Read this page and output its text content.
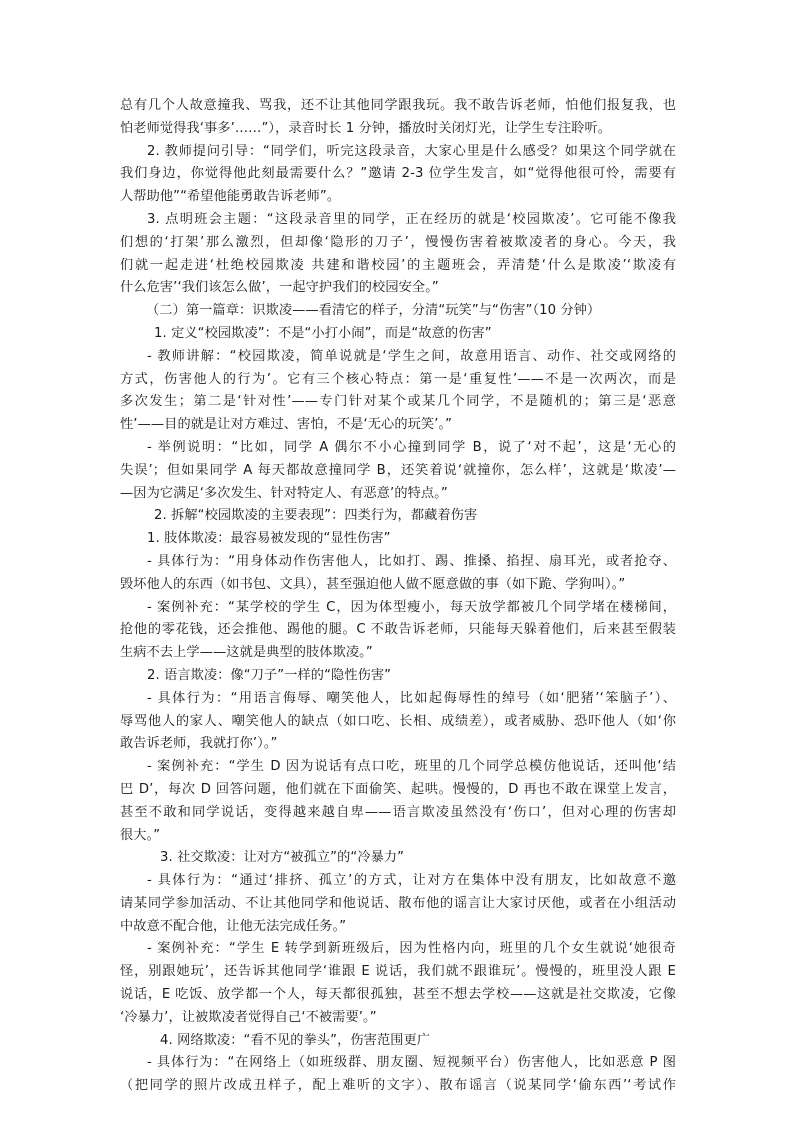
总有几个人故意撞我、骂我，还不让其他同学跟我玩。我不敢告诉老师，怕他们报复我，也
怕老师觉得我‘事多’……”），录音时长 1 分钟，播放时关闭灯光，让学生专注聆听。
2. 教师提问引导：“同学们，听完这段录音，大家心里是什么感受？如果这个同学就在
我们身边，你觉得他此刻最需要什么？”邀请 2-3 位学生发言，如“觉得他很可怜，需要有
人帮助他”“希望他能勇敢告诉老师”。
3. 点明班会主题：“这段录音里的同学，正在经历的就是‘校园欺凌’。它可能不像我
们想的‘打架’那么激烈，但却像‘隐形的刀子’，慢慢伤害着被欺凌者的身心。今天，我
们就一起走进‘杜绝校园欺凌 共建和谐校园’的主题班会，弄清楚‘什么是欺凌’‘欺凌有
什么危害’‘我们该怎么做’，一起守护我们的校园安全。”
（二）第一篇章：识欺凌——看清它的样子，分清“玩笑”与“伤害”（10 分钟）
1. 定义“校园欺凌”：不是“小打小闹”，而是“故意的伤害”
- 教师讲解：“校园欺凌，简单说就是‘学生之间，故意用语言、动作、社交或网络的
方式，伤害他人的行为’。它有三个核心特点：第一是‘重复性’——不是一次两次，而是
多次发生；第二是‘针对性’——专门针对某个或某几个同学，不是随机的；第三是‘恶意
性’——目的就是让对方难过、害怕，不是‘无心的玩笑’。”
- 举例说明：“比如，同学 A 偶尔不小心撞到同学 B，说了‘对不起’，这是‘无心的
失误’；但如果同学 A 每天都故意撞同学 B，还笑着说‘就撞你，怎么样’，这就是‘欺凌’—
—因为它满足‘多次发生、针对特定人、有恶意’的特点。”
2. 拆解“校园欺凌的主要表现”：四类行为，都藏着伤害
1. 肢体欺凌：最容易被发现的“显性伤害”
- 具体行为：“用身体动作伤害他人，比如打、踢、推搡、掐捏、扇耳光，或者抢夺、
毁坏他人的东西（如书包、文具），甚至强迫他人做不愿意做的事（如下跪、学狗叫）。”
- 案例补充：“某学校的学生 C，因为体型瘦小，每天放学都被几个同学堵在楼梯间，
抢他的零花钱，还会推他、踢他的腿。C 不敢告诉老师，只能每天躲着他们，后来甚至假装
生病不去上学——这就是典型的肢体欺凌。”
2. 语言欺凌：像“刀子”一样的“隐性伤害”
- 具体行为：“用语言侮辱、嘲笑他人，比如起侮辱性的绰号（如‘肥猪’‘笨脑子’）、
辱骂他人的家人、嘲笑他人的缺点（如口吃、长相、成绩差），或者威胁、恐吓他人（如‘你
敢告诉老师，我就打你’）。”
- 案例补充：“学生 D 因为说话有点口吃，班里的几个同学总模仿他说话，还叫他‘结
巴 D’，每次 D 回答问题，他们就在下面偷笑、起哄。慢慢的，D 再也不敢在课堂上发言，
甚至不敢和同学说话，变得越来越自卑——语言欺凌虽然没有‘伤口’，但对心理的伤害却
很大。”
3. 社交欺凌：让对方“被孤立”的“冷暴力”
- 具体行为：“通过‘排挤、孤立’的方式，让对方在集体中没有朋友，比如故意不邀
请某同学参加活动、不让其他同学和他说话、散布他的谣言让大家讨厌他，或者在小组活动
中故意不配合他，让他无法完成任务。”
- 案例补充：“学生 E 转学到新班级后，因为性格内向，班里的几个女生就说‘她很奇
怪，别跟她玩’，还告诉其他同学‘谁跟 E 说话，我们就不跟谁玩’。慢慢的，班里没人跟 E
说话，E 吃饭、放学都一个人，每天都很孤独，甚至不想去学校——这就是社交欺凌，它像
‘冷暴力’，让被欺凌者觉得自己‘不被需要’。”
4. 网络欺凌：“看不见的拳头”，伤害范围更广
- 具体行为：“在网络上（如班级群、朋友圈、短视频平台）伤害他人，比如恶意 P 图
（把同学的照片改成丑样子，配上难听的文字）、散布谣言（说某同学‘偷东西’‘考试作
